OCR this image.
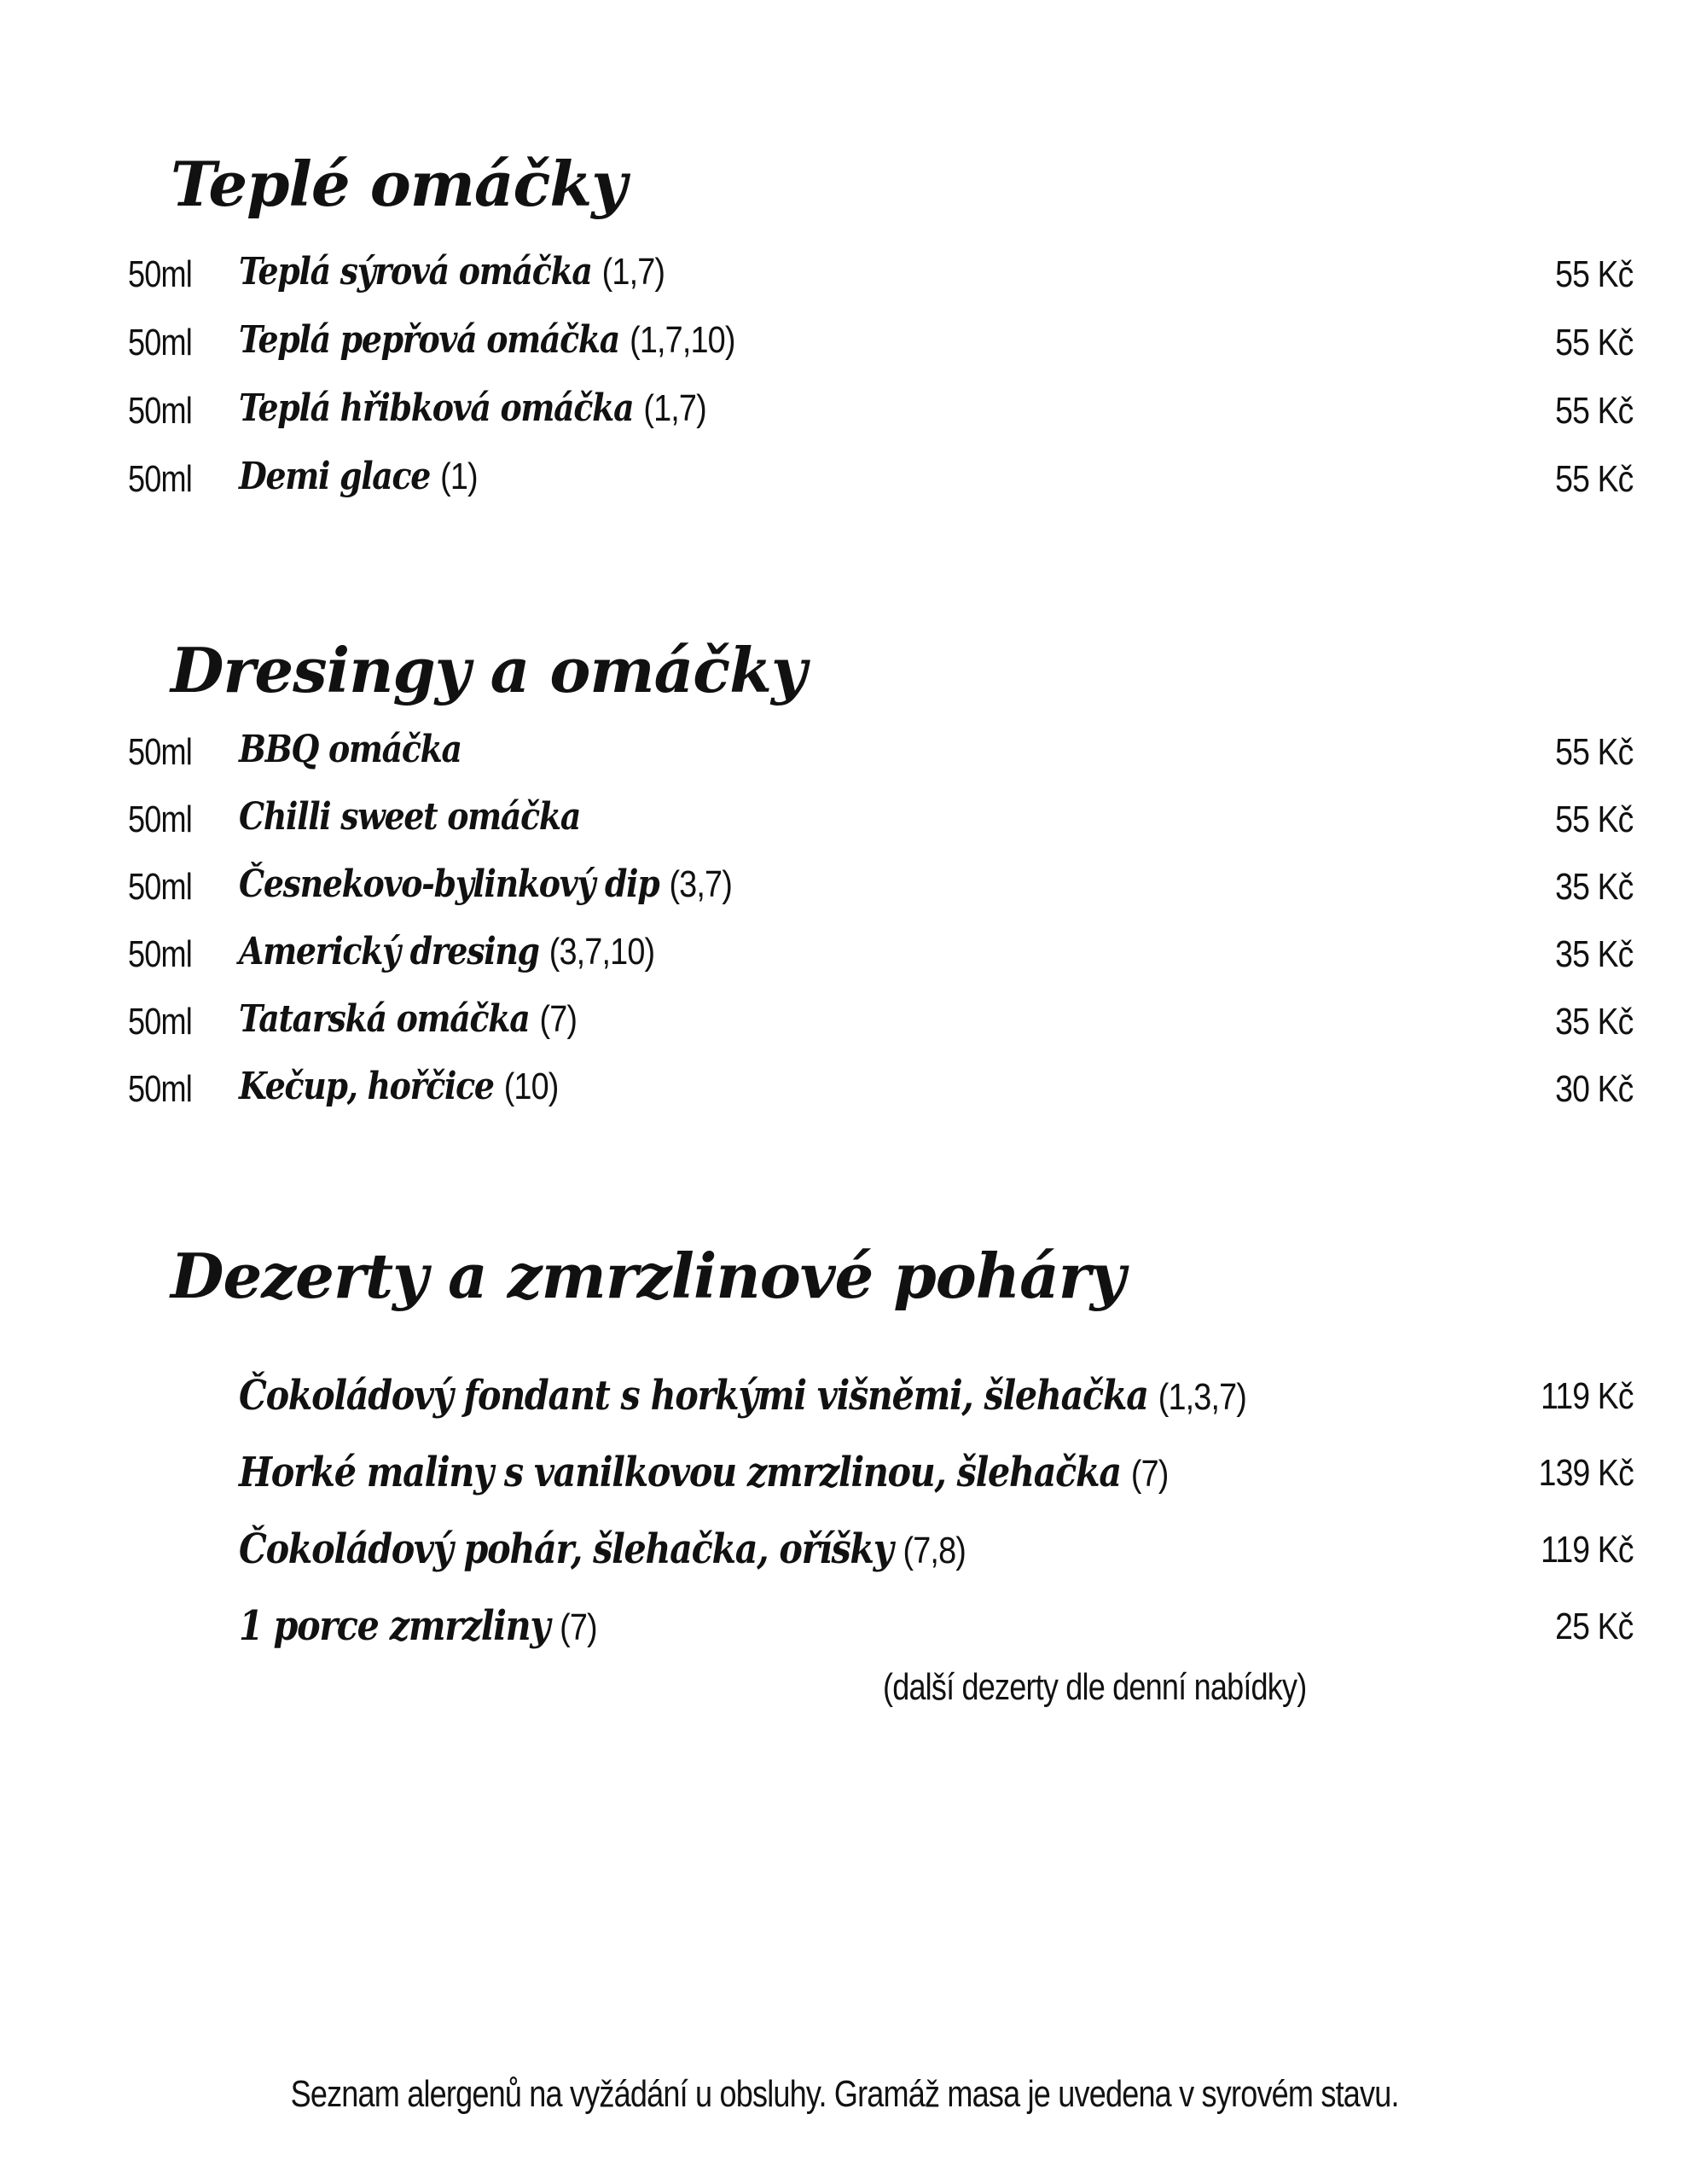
Teplé omáčky
50ml Teplá sýrová omáčka (1,7)	55 Kč
50ml Teplá pepřová omáčka (1,7,10)	55 Kč
50ml Teplá hřibková omáčka (1,7)	55 Kč
50ml Demi glace (1)	55 Kč
Dresingy a omáčky
50ml BBQ omáčka	55 Kč
50ml Chilli sweet omáčka	55 Kč
50ml Česnekovo-bylinkový dip (3,7)	35 Kč
50ml Americký dresing (3,7,10)	35 Kč
50ml Tatarská omáčka (7)	35 Kč
50ml Kečup, hořčice (10)	30 Kč
Dezerty a zmrzlinové poháry
Čokoládový fondant s horkými višněmi, šlehačka (1,3,7)	119 Kč
Horké maliny s vanilkovou zmrzlinou, šlehačka (7)	139 Kč
Čokoládový pohár, šlehačka, oříšky (7,8)	119 Kč
1 porce zmrzliny (7)	25 Kč
(další dezerty dle denní nabídky)
Seznam alergenů na vyžádání u obsluhy. Gramáž masa je uvedena v syrovém stavu.
